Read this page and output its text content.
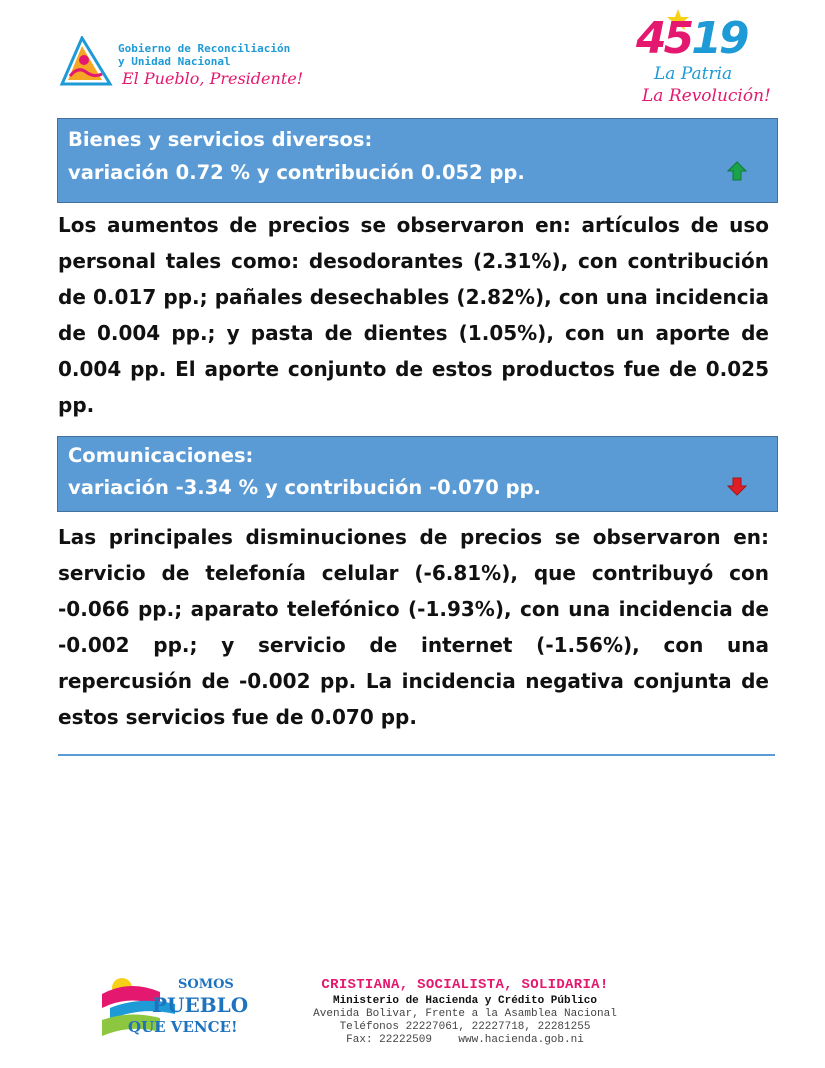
Gobierno de Reconciliación
y Unidad Nacional
El Pueblo, Presidente!
4519
La Patria
La Revolución!
Bienes y servicios diversos:
variación 0.72 % y contribución 0.052 pp.
Los aumentos de precios se observaron en: artículos de uso personal tales como: desodorantes (2.31%), con contribución de 0.017 pp.; pañales desechables (2.82%), con una incidencia de 0.004 pp.; y pasta de dientes (1.05%), con un aporte de 0.004 pp. El aporte conjunto de estos productos fue de 0.025 pp.
Comunicaciones:
variación -3.34 % y contribución -0.070 pp.
Las principales disminuciones de precios se observaron en: servicio de telefonía celular (-6.81%), que contribuyó con -0.066 pp.; aparato telefónico (-1.93%), con una incidencia de -0.002 pp.; y servicio de internet (-1.56%), con una repercusión de -0.002 pp. La incidencia negativa conjunta de estos servicios fue de 0.070 pp.
SOMOS
PUEBLO
QUE VENCE!
CRISTIANA, SOCIALISTA, SOLIDARIA!
Ministerio de Hacienda y Crédito Público
Avenida Bolivar, Frente a la Asamblea Nacional
Teléfonos 22227061, 22227718, 22281255
Fax: 22222509    www.hacienda.gob.ni
